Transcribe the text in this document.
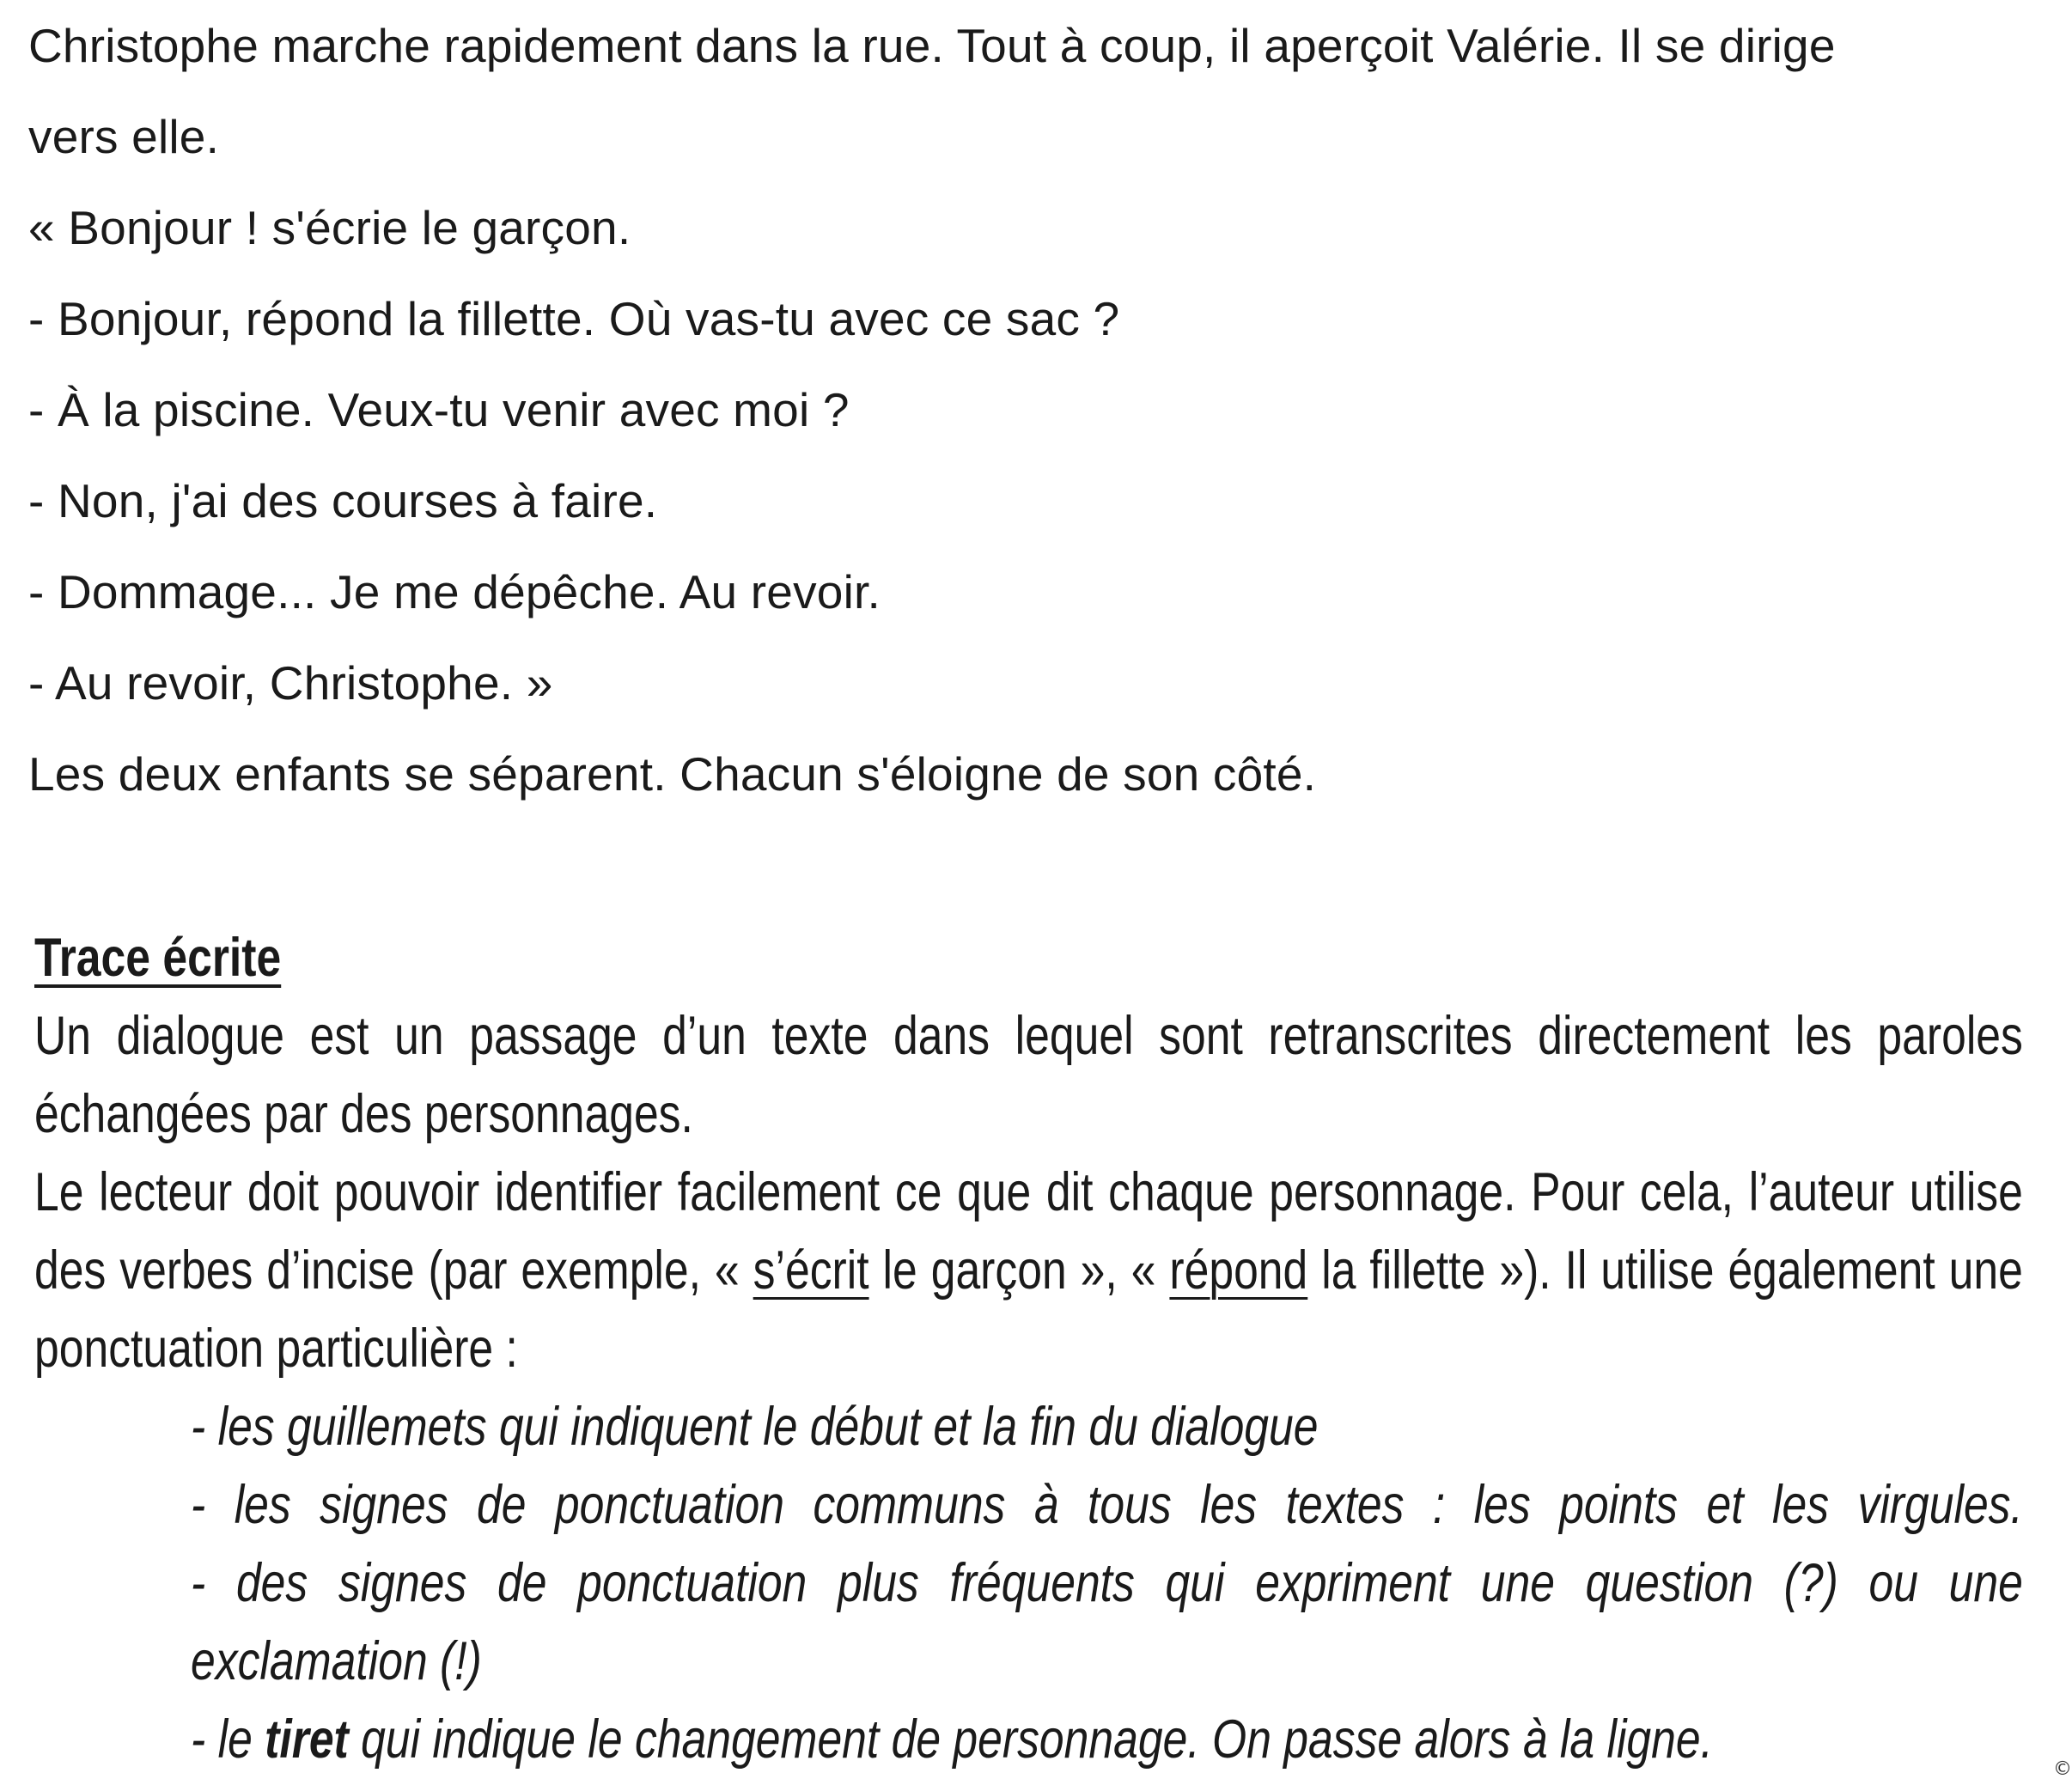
Christophe marche rapidement dans la rue. Tout à coup, il aperçoit Valérie. Il se dirige

vers elle.

« Bonjour ! s'écrie le garçon.

- Bonjour, répond la fillette. Où vas-tu avec ce sac ?

- À la piscine. Veux-tu venir avec moi ?

- Non, j'ai des courses à faire.

- Dommage... Je me dépêche. Au revoir.

- Au revoir, Christophe. »

Les deux enfants se séparent. Chacun s'éloigne de son côté.

Trace écrite

Un dialogue est un passage d’un texte dans lequel sont retranscrites directement les paroles échangées par des personnages.

Le lecteur doit pouvoir identifier facilement ce que dit chaque personnage. Pour cela, l’auteur utilise des verbes d’incise (par exemple, « s’écrit le garçon », « répond la fillette »). Il utilise également une ponctuation particulière :

- les guillemets qui indiquent le début et la fin du dialogue
- les signes de ponctuation communs à tous les textes : les points et les virgules.
- des signes de ponctuation plus fréquents qui expriment une question (?) ou une exclamation (!)
- le tiret qui indique le changement de personnage. On passe alors à la ligne.	©
